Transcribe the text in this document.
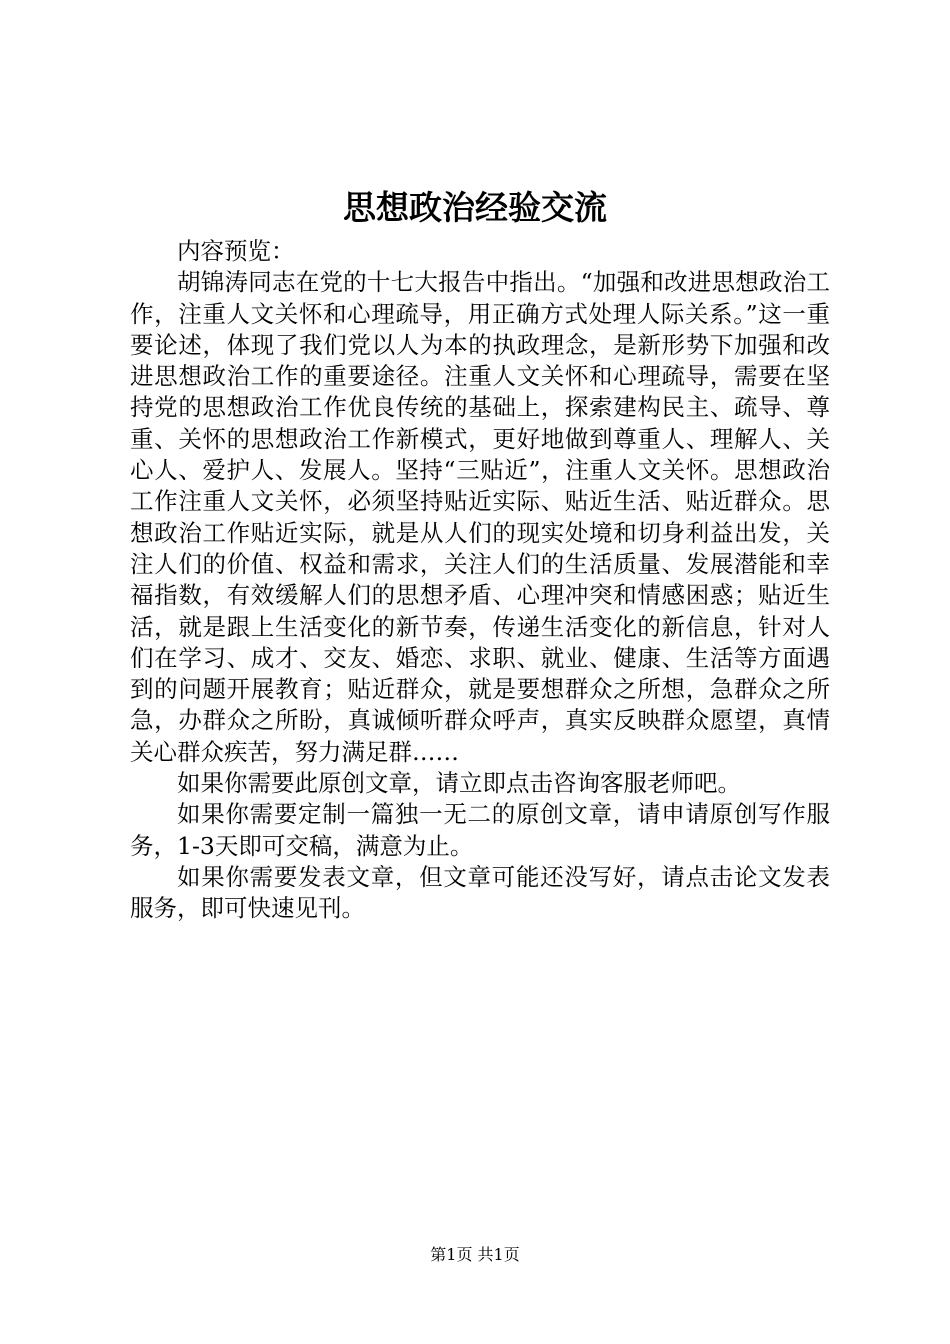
思想政治经验交流

内容预览：

胡锦涛同志在党的十七大报告中指出。“加强和改进思想政治工作，注重人文关怀和心理疏导，用正确方式处理人际关系。”这一重要论述，体现了我们党以人为本的执政理念，是新形势下加强和改进思想政治工作的重要途径。注重人文关怀和心理疏导，需要在坚持党的思想政治工作优良传统的基础上，探索建构民主、疏导、尊重、关怀的思想政治工作新模式，更好地做到尊重人、理解人、关心人、爱护人、发展人。坚持“三贴近”，注重人文关怀。思想政治工作注重人文关怀，必须坚持贴近实际、贴近生活、贴近群众。思想政治工作贴近实际，就是从人们的现实处境和切身利益出发，关注人们的价值、权益和需求，关注人们的生活质量、发展潜能和幸福指数，有效缓解人们的思想矛盾、心理冲突和情感困惑；贴近生活，就是跟上生活变化的新节奏，传递生活变化的新信息，针对人们在学习、成才、交友、婚恋、求职、就业、健康、生活等方面遇到的问题开展教育；贴近群众，就是要想群众之所想，急群众之所急，办群众之所盼，真诚倾听群众呼声，真实反映群众愿望，真情关心群众疾苦，努力满足群……

如果你需要此原创文章，请立即点击咨询客服老师吧。

如果你需要定制一篇独一无二的原创文章，请申请原创写作服务，1-3天即可交稿，满意为止。

如果你需要发表文章，但文章可能还没写好，请点击论文发表服务，即可快速见刊。

第1页 共1页
